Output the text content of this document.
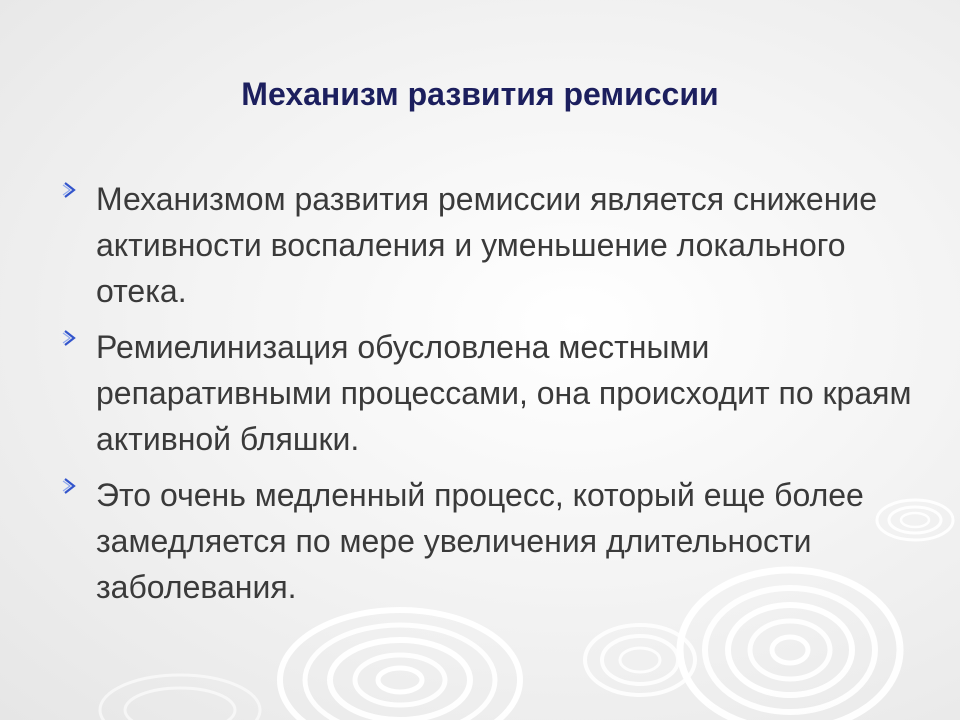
Механизм развития ремиссии
Механизмом развития ремиссии является снижение активности воспаления и уменьшение локального отека.
Ремиелинизация обусловлена местными репаративными процессами, она происходит по краям активной бляшки.
Это очень медленный процесс, который еще более замедляется по мере увеличения длительности заболевания.
